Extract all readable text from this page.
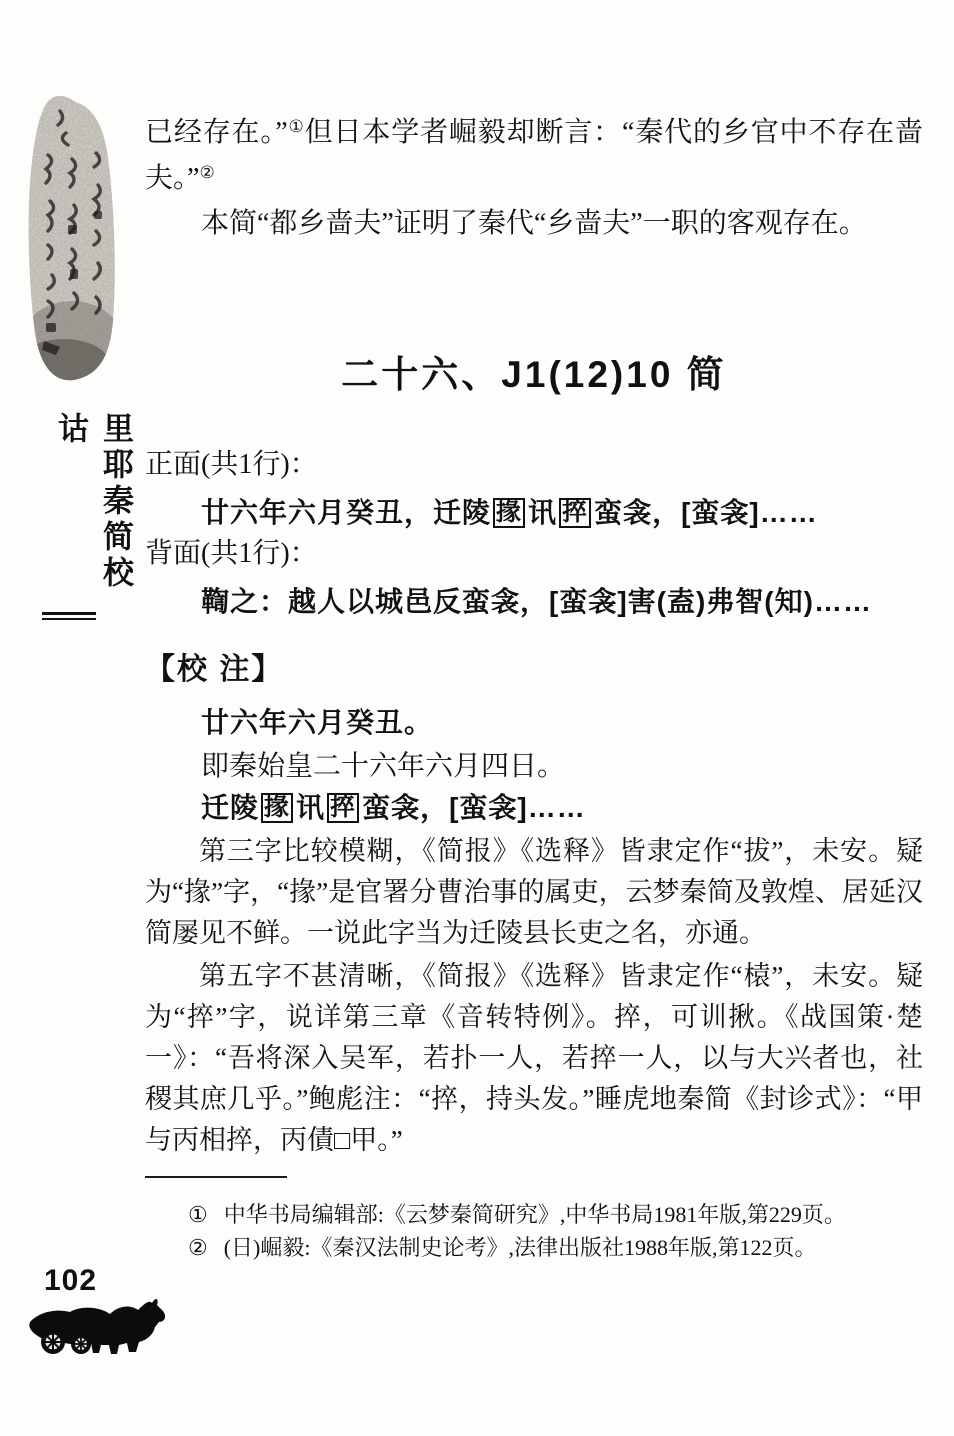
里耶秦简校诂
已经存在。”①但日本学者崛毅却断言：“秦代的乡官中不存在啬夫。”②
本简“都乡啬夫”证明了秦代“乡啬夫”一职的客观存在。
二十六、J1(12)10 简
正面(共1行)：
廿六年六月癸丑，迁陵 掾 讯 捽 蛮衾，[蛮衾]……
背面(共1行)：
鞫之：越人以城邑反蛮衾，[蛮衾]害(盍)弗智(知)……
【校 注】
廿六年六月癸丑。
即秦始皇二十六年六月四日。
迁陵 掾 讯 捽 蛮衾，[蛮衾]……
第三字比较模糊，《简报》《选释》皆隶定作“拔”，未安。疑为“掾”字，“掾”是官署分曹治事的属吏，云梦秦简及敦煌、居延汉简屡见不鲜。一说此字当为迁陵县长吏之名，亦通。
第五字不甚清晰，《简报》《选释》皆隶定作“榬”，未安。疑为“捽”字，说详第三章《音转特例》。捽，可训揪。《战国策·楚一》：“吾将深入吴军，若扑一人，若捽一人，以与大兴者也，社稷其庶几乎。”鲍彪注：“捽，持头发。”睡虎地秦简《封诊式》：“甲与丙相捽，丙債□甲。”
① 中华书局编辑部:《云梦秦简研究》,中华书局1981年版,第229页。
② (日)崛毅:《秦汉法制史论考》,法律出版社1988年版,第122页。
102
